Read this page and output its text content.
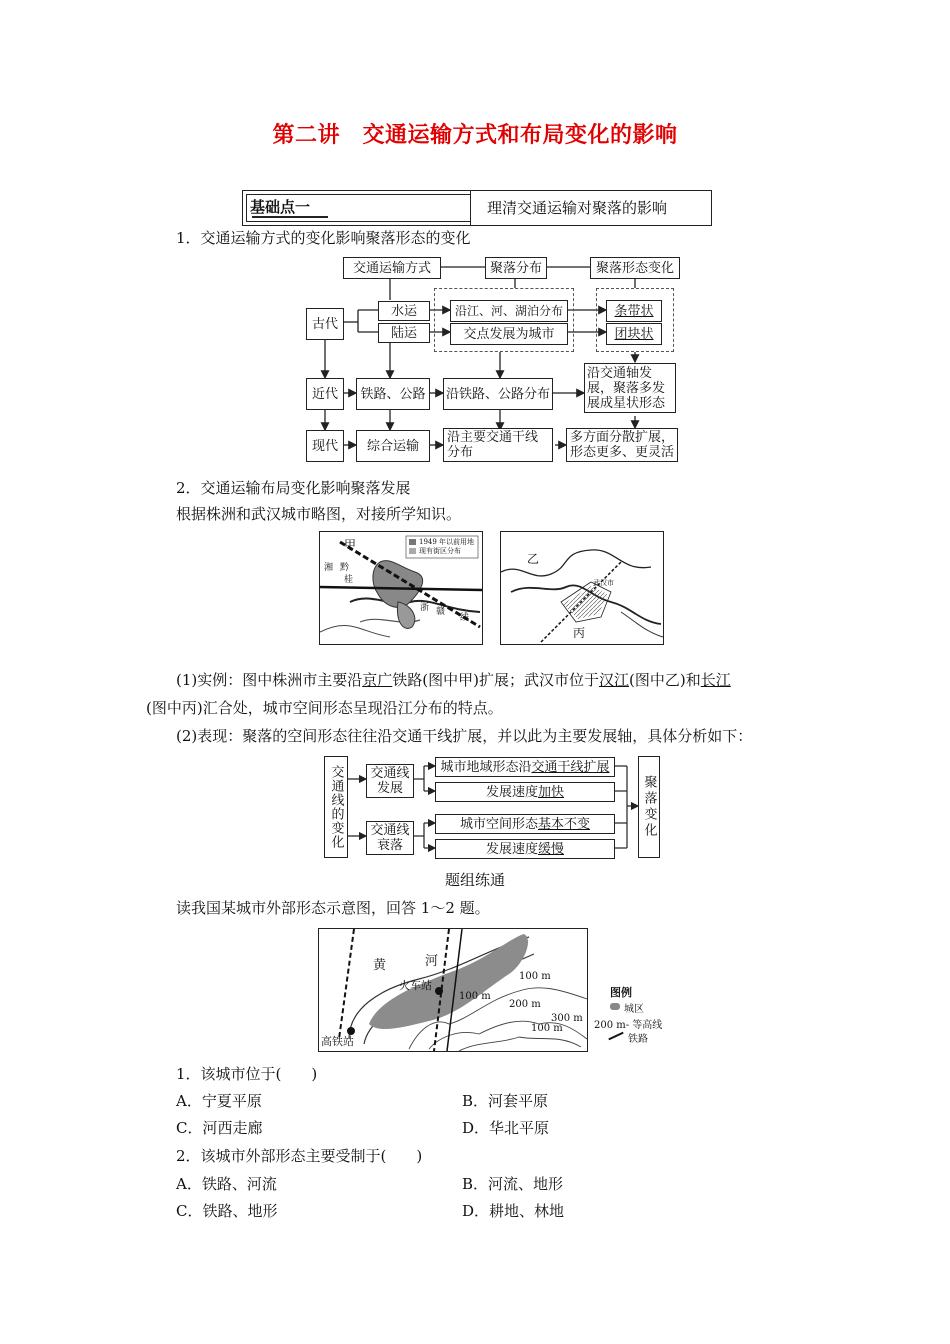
第二讲　交通运输方式和布局变化的影响
基础点一	理清交通运输对聚落的影响
1．交通运输方式的变化影响聚落形态的变化
交通运输方式	聚落分布	聚落形态变化
古代
水运
陆运
沿江、河、湖泊分布
交点发展为城市
条带状
团块状
近代	铁路、公路	沿铁路、公路分布
沿交通轴发展，聚落多发展成星状形态
现代	综合运输
沿主要交通干线分布
多方面分散扩展，形态更多、更灵活
2．交通运输布局变化影响聚落发展
根据株洲和武汉城市略图，对接所学知识。
1949 年以前用地
现有街区分布
甲
湘 黔
桂
浙 赣
线
乙
丙
武汉市
(1)实例：图中株洲市主要沿京广铁路(图中甲)扩展；武汉市位于汉江(图中乙)和长江
(图中丙)汇合处，城市空间形态呈现沿江分布的特点。
(2)表现：聚落的空间形态往往沿交通干线扩展，并以此为主要发展轴，具体分析如下：
交通线的变化	交通线发展
交通线衰落
城市地域形态沿 交通干线扩展
发展速度 加快
城市空间形态 基本不变
发展速度 缓慢
聚落变化
题组练通
读我国某城市外部形态示意图，回答 1～2 题。
黄	河
火车站
高铁站
100 m
100 m
200 m
300 m
100 m
图例
城区
200 m- 等高线
铁路
1．该城市位于(　　)
A．宁夏平原	B．河套平原
C．河西走廊	D．华北平原
2．该城市外部形态主要受制于(　　)
A．铁路、河流	B．河流、地形
C．铁路、地形	D．耕地、林地
